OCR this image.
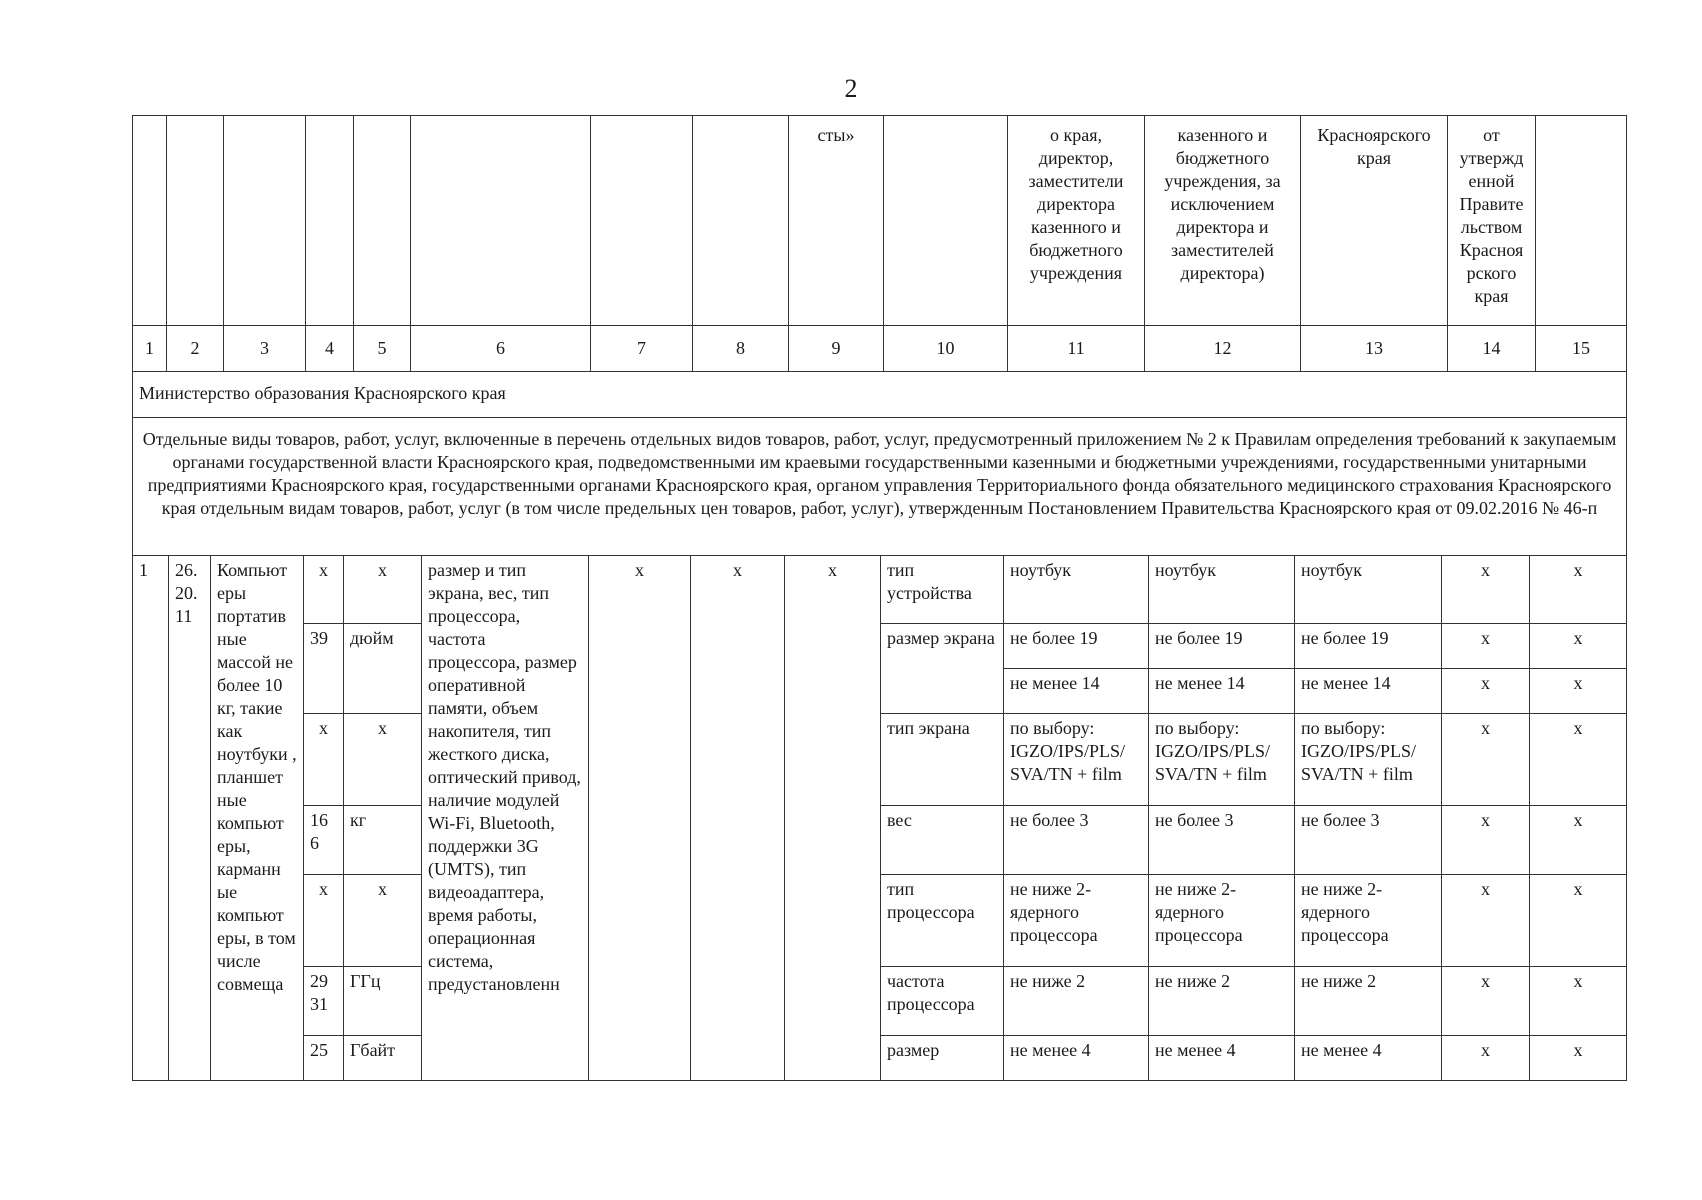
2
								сты»		о края, директор, заместители директора казенного и бюджетного учреждения	казенного и бюджетного учреждения, за исключением директора и заместителей директора)	Красноярского края	от утвержд енной Правите льством Красноя рского края	
1	2	3	4	5	6	7	8	9	10	11	12	13	14	15
Министерство образования Красноярского края														
Отдельные виды товаров, работ, услуг, включенные в перечень отдельных видов товаров, работ, услуг, предусмотренный приложением № 2 к Правилам определения требований к закупаемым органами государственной власти Красноярского края, подведомственными им краевыми государственными казенными и бюджетными учреждениями, государственными унитарными предприятиями Красноярского края, государственными органами Красноярского края, органом управления Территориального фонда обязательного медицинского страхования Красноярского края отдельным видам товаров, работ, услуг (в том числе предельных цен товаров, работ, услуг), утвержденным Постановлением Правительства Красноярского края от 09.02.2016 № 46-п														
1	26.20.11	Компьют еры портатив ные массой не более 10 кг, такие как ноутбуки , планшет ные компьют еры, карманн ые компьют еры, в том числе совмеща	x	x	размер и тип экрана, вес, тип процессора, частота процессора, размер оперативной памяти, объем накопителя, тип жесткого диска, оптический привод, наличие модулей Wi-Fi, Bluetooth, поддержки 3G (UMTS), тип видеоадаптера, время работы, операционная система, предустановленн	x	x	x	тип устройства	ноутбук	ноутбук	ноутбук	x	x
			39	дюйм					размер экрана	не более 19	не более 19	не более 19	x	x
										не менее 14	не менее 14	не менее 14	x	x
			x	x					тип экрана	по выбору: IGZO/IPS/PLS/ SVA/TN + film	по выбору: IGZO/IPS/PLS/ SVA/TN + film	по выбору: IGZO/IPS/PLS/ SVA/TN + film	x	x
			16 6	кг					вес	не более 3	не более 3	не более 3	x	x
			x	x					тип процессора	не ниже 2-ядерного процессора	не ниже 2-ядерного процессора	не ниже 2-ядерного процессора	x	x
			29 31	ГГц					частота процессора	не ниже 2	не ниже 2	не ниже 2	x	x
			25	Гбайт					размер	не менее 4	не менее 4	не менее 4	x	x
